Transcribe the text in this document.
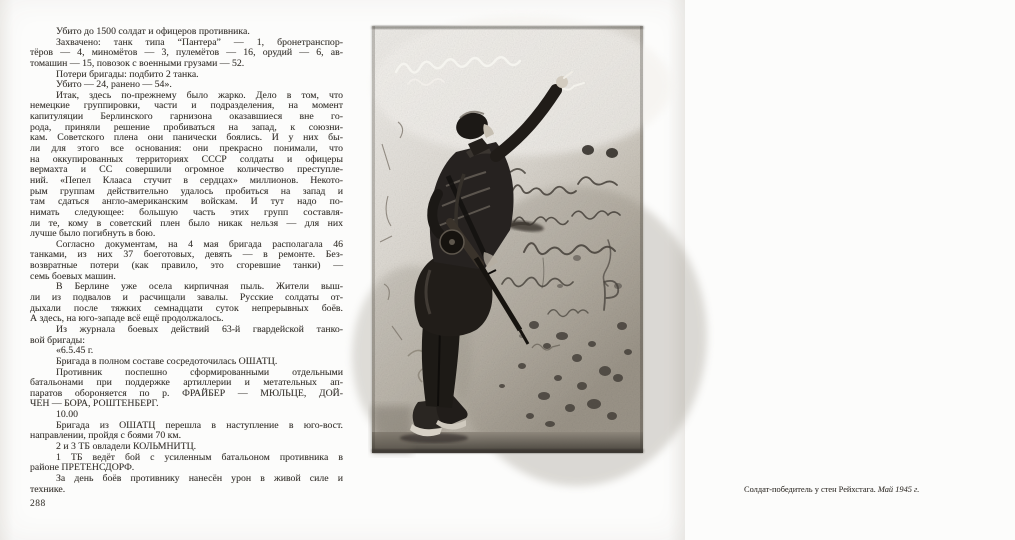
Убито до 1500 солдат и офицеров противника.
Захвачено: танк типа “Пантера” — 1, бронетранспор-
тёров — 4, миномётов — 3, пулемётов — 16, орудий — 6, ав-
томашин — 15, повозок с военными грузами — 52.
Потери бригады: подбито 2 танка.
Убито — 24, ранено — 54».
Итак, здесь по-прежнему было жарко. Дело в том, что
немецкие группировки, части и подразделения, на момент
капитуляции Берлинского гарнизона оказавшиеся вне го-
рода, приняли решение пробиваться на запад, к союзни-
кам. Советского плена они панически боялись. И у них бы-
ли для этого все основания: они прекрасно понимали, что
на оккупированных территориях СССР солдаты и офицеры
вермахта и СС совершили огромное количество преступле-
ний. «Пепел Клааса стучит в сердцах» миллионов. Некото-
рым группам действительно удалось пробиться на запад и
там сдаться англо-американским войскам. И тут надо по-
нимать следующее: большую часть этих групп составля-
ли те, кому в советский плен было никак нельзя — для них
лучше было погибнуть в бою.
Согласно документам, на 4 мая бригада располагала 46
танками, из них 37 боеготовых, девять — в ремонте. Без-
возвратные потери (как правило, это сгоревшие танки) —
семь боевых машин.
В Берлине уже осела кирпичная пыль. Жители выш-
ли из подвалов и расчищали завалы. Русские солдаты от-
дыхали после тяжких семнадцати суток непрерывных боёв.
А здесь, на юго-западе всё ещё продолжалось.
Из журнала боевых действий 63-й гвардейской танко-
вой бригады:
«6.5.45 г.
Бригада в полном составе сосредоточилась ОШАТЦ.
Противник поспешно сформированными отдельными
батальонами при поддержке артиллерии и метательных ап-
паратов обороняется по р. ФРАЙБЕР — МЮЛЬЦЕ, ДОЙ-
ЧЕН — БОРА, РОШТЕНБЕРГ.
10.00
Бригада из ОШАТЦ перешла в наступление в юго-вост.
направлении, пройдя с боями 70 км.
2 и 3 ТБ овладели КОЛЬМНИТЦ.
1 ТБ ведёт бой с усиленным батальоном противника в
районе ПРЕТЕНСДОРФ.
За день боёв противнику нанесён урон в живой силе и
технике.
288
Солдат-победитель у стен Рейхстага. Май 1945 г.
